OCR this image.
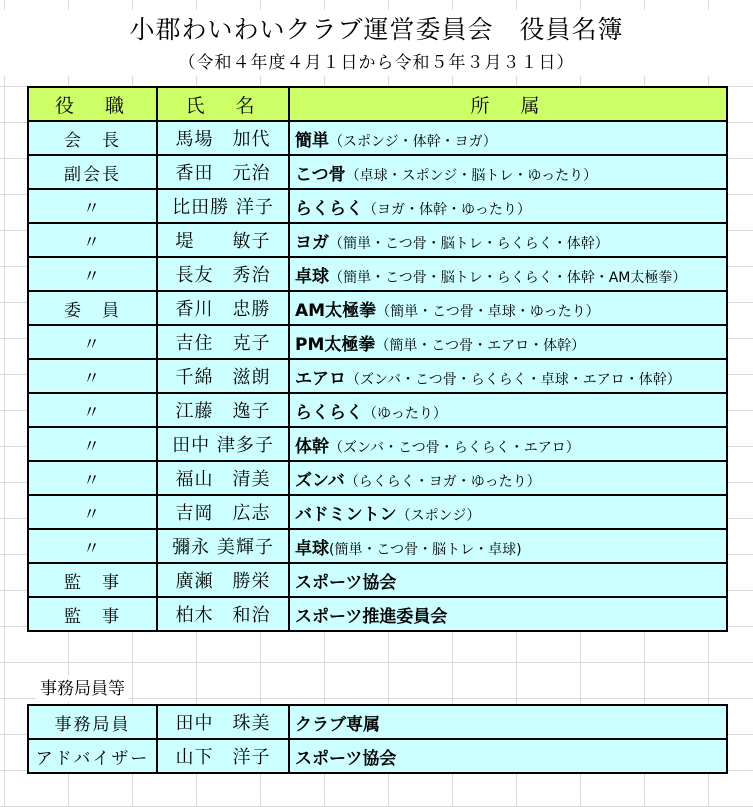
小郡わいわいクラブ運営委員会　役員名簿
（令和４年度４月１日から令和５年３月３１日）
役　職	氏　名	所　属
会　長	馬場　加代	簡単（スポンジ・体幹・ヨガ）
副会長	香田　元治	こつ骨（卓球・スポンジ・脳トレ・ゆったり）
〃	比田勝 洋子	らくらく（ヨガ・体幹・ゆったり）
〃	堤　　敏子	ヨガ（簡単・こつ骨・脳トレ・らくらく・体幹）
〃	長友　秀治	卓球（簡単・こつ骨・脳トレ・らくらく・体幹・AM太極拳）
委　員	香川　忠勝	AM太極拳（簡単・こつ骨・卓球・ゆったり）
〃	吉住　克子	PM太極拳（簡単・こつ骨・エアロ・体幹）
〃	千綿　滋朗	エアロ（ズンバ・こつ骨・らくらく・卓球・エアロ・体幹）
〃	江藤　逸子	らくらく（ゆったり）
〃	田中 津多子	体幹（ズンバ・こつ骨・らくらく・エアロ）
〃	福山　清美	ズンバ（らくらく・ヨガ・ゆったり）
〃	吉岡　広志	バドミントン（スポンジ）
〃	彌永 美輝子	卓球(簡単・こつ骨・脳トレ・卓球)
監　事	廣瀬　勝栄	スポーツ協会
監　事	柏木　和治	スポーツ推進委員会
事務局員等
事務局員	田中　珠美	クラブ専属
アドバイザー	山下　洋子	スポーツ協会
